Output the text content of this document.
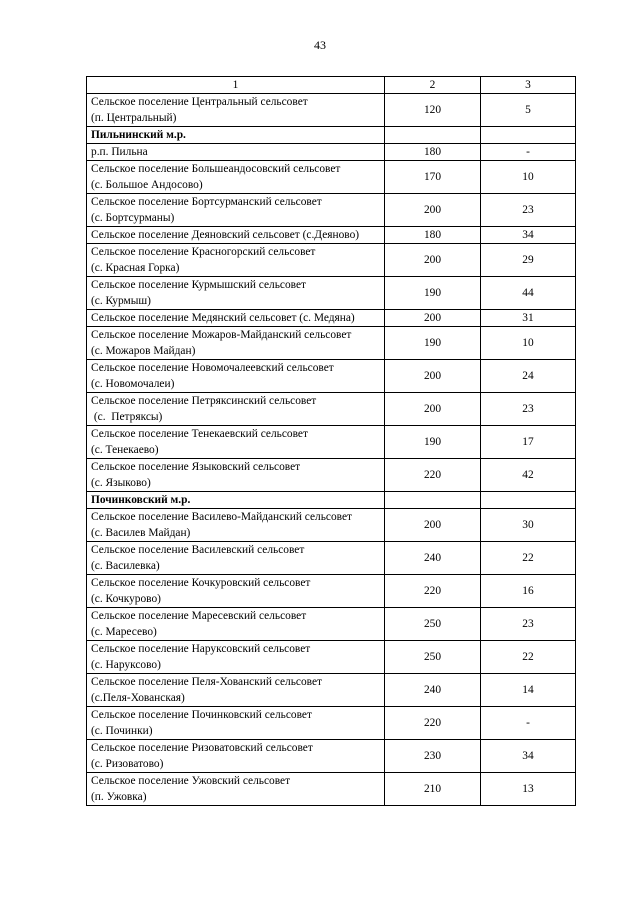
43
1	2	3

Сельское поселение Центральный сельсовет
(п. Центральный)	120	5
Пильнинский м.р.		

р.п. Пильна	180	-

Сельское поселение Большеандосовский сельсовет
(с. Большое Андосово)	170	10

Сельское поселение Бортсурманский сельсовет
(с. Бортсурманы)	200	23

Сельское поселение Деяновский сельсовет (с.Деяново)	180	34

Сельское поселение Красногорский сельсовет
(с. Красная Горка)	200	29

Сельское поселение Курмышский сельсовет
(с. Курмыш)	190	44

Сельское поселение Медянский сельсовет (с. Медяна)	200	31

Сельское поселение Можаров-Майданский сельсовет
(с. Можаров Майдан)	190	10

Сельское поселение Новомочалеевский сельсовет
(с. Новомочалеи)	200	24

Сельское поселение Петряксинский сельсовет
(с.  Петряксы)	200	23

Сельское поселение Тенекаевский сельсовет
(с. Тенекаево)	190	17

Сельское поселение Языковский сельсовет
(с. Языково)	220	42
Починковский м.р.		

Сельское поселение Василево-Майданский сельсовет
(с. Василев Майдан)	200	30

Сельское поселение Василевский сельсовет
(с. Василевка)	240	22

Сельское поселение Кочкуровский сельсовет
(с. Кочкурово)	220	16

Сельское поселение Маресевский сельсовет
(с. Маресево)	250	23

Сельское поселение Наруксовский сельсовет
(с. Наруксово)	250	22

Сельское поселение Пеля-Хованский сельсовет
(с.Пеля-Хованская)	240	14

Сельское поселение Починковский сельсовет
(с. Починки)	220	-

Сельское поселение Ризоватовский сельсовет
(с. Ризоватово)	230	34

Сельское поселение Ужовский сельсовет
(п. Ужовка)	210	13
